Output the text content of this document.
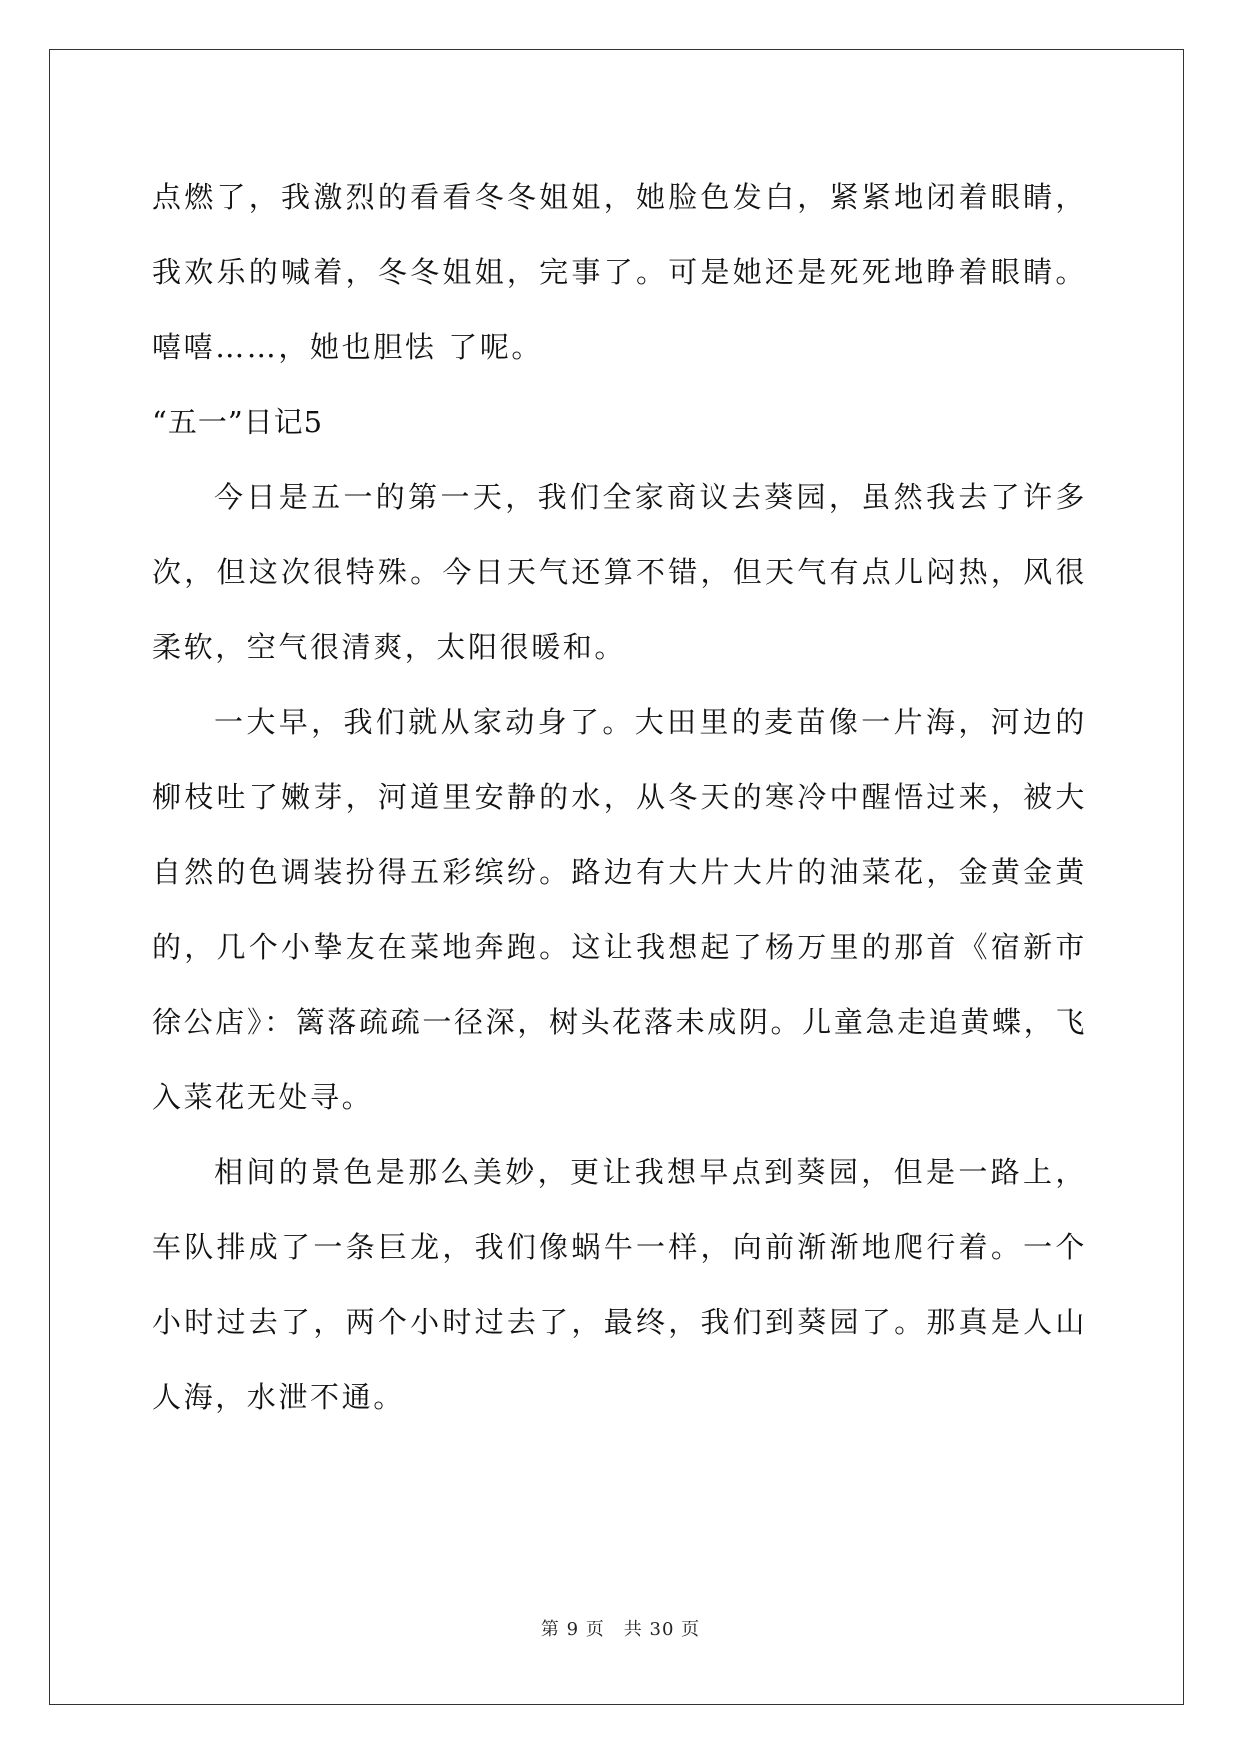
点燃了，我激烈的看看冬冬姐姐，她脸色发白，紧紧地闭着眼睛，我欢乐的喊着，冬冬姐姐，完事了。可是她还是死死地睁着眼睛。嘻嘻……，她也胆怯 了呢。

“五一”日记5

今日是五一的第一天，我们全家商议去葵园，虽然我去了许多次，但这次很特殊。今日天气还算不错，但天气有点儿闷热，风很柔软，空气很清爽，太阳很暖和。

一大早，我们就从家动身了。大田里的麦苗像一片海，河边的柳枝吐了嫩芽，河道里安静的水，从冬天的寒冷中醒悟过来，被大自然的色调装扮得五彩缤纷。路边有大片大片的油菜花，金黄金黄的，几个小挚友在菜地奔跑。这让我想起了杨万里的那首《宿新市徐公店》：篱落疏疏一径深，树头花落未成阴。儿童急走追黄蝶，飞入菜花无处寻。

相间的景色是那么美妙，更让我想早点到葵园，但是一路上，车队排成了一条巨龙，我们像蜗牛一样，向前渐渐地爬行着。一个小时过去了，两个小时过去了，最终，我们到葵园了。那真是人山人海，水泄不通。

第 9 页　共 30 页
